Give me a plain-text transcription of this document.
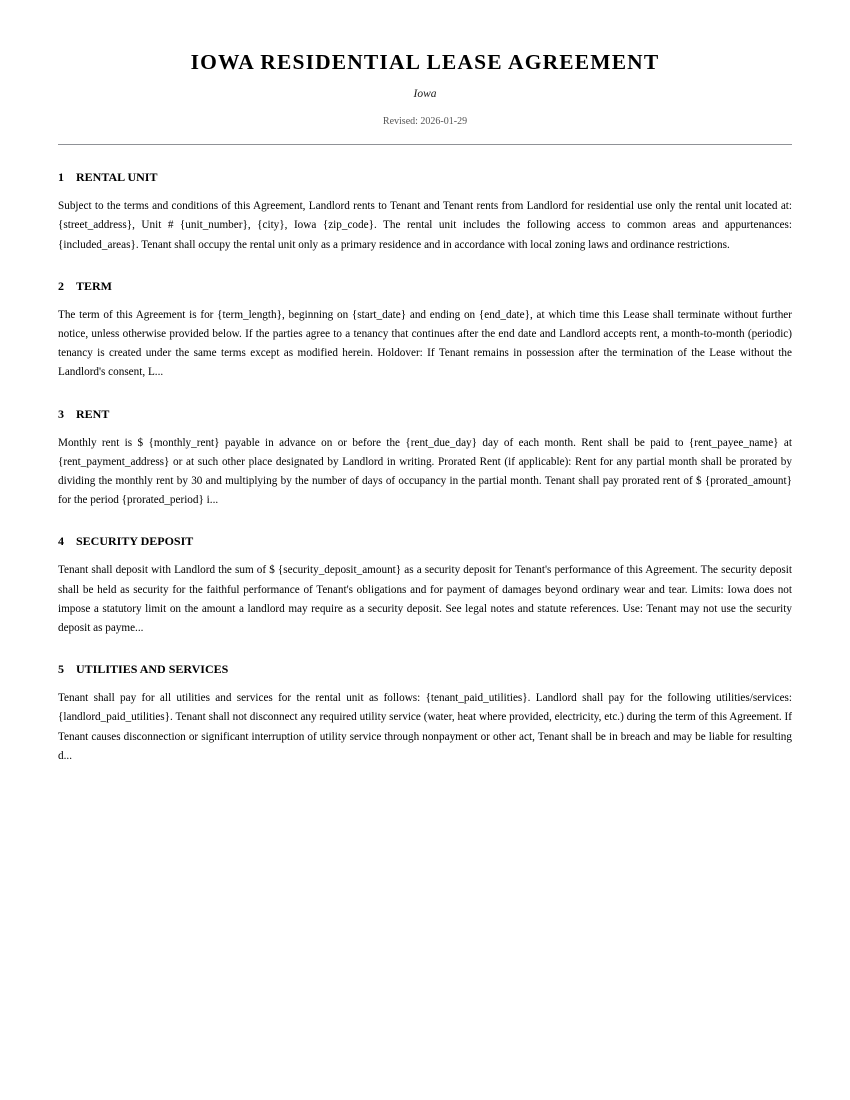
IOWA RESIDENTIAL LEASE AGREEMENT
Iowa
Revised: 2026-01-29
1 RENTAL UNIT

Subject to the terms and conditions of this Agreement, Landlord rents to Tenant and Tenant rents from Landlord for residential use only the rental unit located at: {street_address}, Unit # {unit_number}, {city}, Iowa {zip_code}. The rental unit includes the following access to common areas and appurtenances: {included_areas}. Tenant shall occupy the rental unit only as a primary residence and in accordance with local zoning laws and ordinance restrictions.

2 TERM

The term of this Agreement is for {term_length}, beginning on {start_date} and ending on {end_date}, at which time this Lease shall terminate without further notice, unless otherwise provided below. If the parties agree to a tenancy that continues after the end date and Landlord accepts rent, a month-to-month (periodic) tenancy is created under the same terms except as modified herein. Holdover: If Tenant remains in possession after the termination of the Lease without the Landlord's consent, L...

3 RENT

Monthly rent is $ {monthly_rent} payable in advance on or before the {rent_due_day} day of each month. Rent shall be paid to {rent_payee_name} at {rent_payment_address} or at such other place designated by Landlord in writing. Prorated Rent (if applicable): Rent for any partial month shall be prorated by dividing the monthly rent by 30 and multiplying by the number of days of occupancy in the partial month. Tenant shall pay prorated rent of $ {prorated_amount} for the period {prorated_period} i...

4 SECURITY DEPOSIT

Tenant shall deposit with Landlord the sum of $ {security_deposit_amount} as a security deposit for Tenant's performance of this Agreement. The security deposit shall be held as security for the faithful performance of Tenant's obligations and for payment of damages beyond ordinary wear and tear. Limits: Iowa does not impose a statutory limit on the amount a landlord may require as a security deposit. See legal notes and statute references. Use: Tenant may not use the security deposit as payme...

5 UTILITIES AND SERVICES

Tenant shall pay for all utilities and services for the rental unit as follows: {tenant_paid_utilities}. Landlord shall pay for the following utilities/services: {landlord_paid_utilities}. Tenant shall not disconnect any required utility service (water, heat where provided, electricity, etc.) during the term of this Agreement. If Tenant causes disconnection or significant interruption of utility service through nonpayment or other act, Tenant shall be in breach and may be liable for resulting d...
